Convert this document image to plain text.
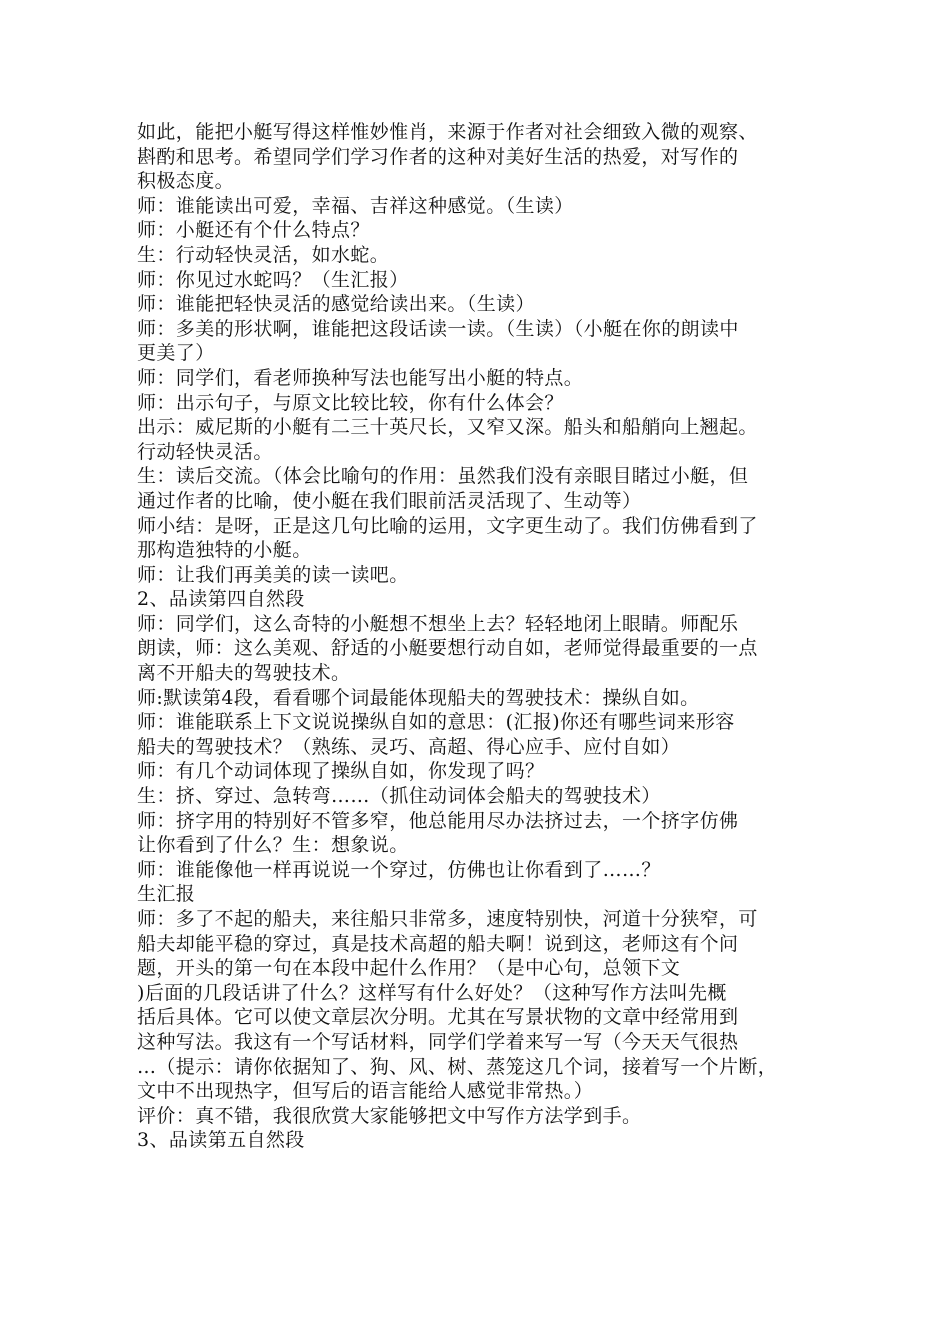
如此，能把小艇写得这样惟妙惟肖，来源于作者对社会细致入微的观察、
斟酌和思考。希望同学们学习作者的这种对美好生活的热爱，对写作的
积极态度。
师：谁能读出可爱，幸福、吉祥这种感觉。（生读）
师：小艇还有个什么特点？
生：行动轻快灵活，如水蛇。
师：你见过水蛇吗？（生汇报）
师：谁能把轻快灵活的感觉给读出来。（生读）
师：多美的形状啊，谁能把这段话读一读。（生读）（小艇在你的朗读中
更美了）
师：同学们，看老师换种写法也能写出小艇的特点。
师：出示句子，与原文比较比较，你有什么体会？
出示：威尼斯的小艇有二三十英尺长，又窄又深。船头和船艄向上翘起。
行动轻快灵活。
生：读后交流。（体会比喻句的作用：虽然我们没有亲眼目睹过小艇，但
通过作者的比喻，使小艇在我们眼前活灵活现了、生动等）
师小结：是呀，正是这几句比喻的运用，文字更生动了。我们仿佛看到了
那构造独特的小艇。
师：让我们再美美的读一读吧。
2、品读第四自然段
师：同学们，这么奇特的小艇想不想坐上去？轻轻地闭上眼睛。师配乐
朗读，师：这么美观、舒适的小艇要想行动自如，老师觉得最重要的一点
离不开船夫的驾驶技术。
师:默读第4段，看看哪个词最能体现船夫的驾驶技术：操纵自如。
师：谁能联系上下文说说操纵自如的意思：(汇报)你还有哪些词来形容
船夫的驾驶技术？（熟练、灵巧、高超、得心应手、应付自如）
师：有几个动词体现了操纵自如，你发现了吗？
生：挤、穿过、急转弯……（抓住动词体会船夫的驾驶技术）
师：挤字用的特别好不管多窄，他总能用尽办法挤过去，一个挤字仿佛
让你看到了什么？生：想象说。
师：谁能像他一样再说说一个穿过，仿佛也让你看到了……？
生汇报
师：多了不起的船夫，来往船只非常多，速度特别快，河道十分狭窄，可
船夫却能平稳的穿过，真是技术高超的船夫啊！说到这，老师这有个问
题，开头的第一句在本段中起什么作用？（是中心句，总领下文
)后面的几段话讲了什么？这样写有什么好处？（这种写作方法叫先概
括后具体。它可以使文章层次分明。尤其在写景状物的文章中经常用到
这种写法。我这有一个写话材料，同学们学着来写一写（今天天气很热
…（提示：请你依据知了、狗、风、树、蒸笼这几个词，接着写一个片断，
文中不出现热字，但写后的语言能给人感觉非常热。）
评价：真不错，我很欣赏大家能够把文中写作方法学到手。
3、品读第五自然段
